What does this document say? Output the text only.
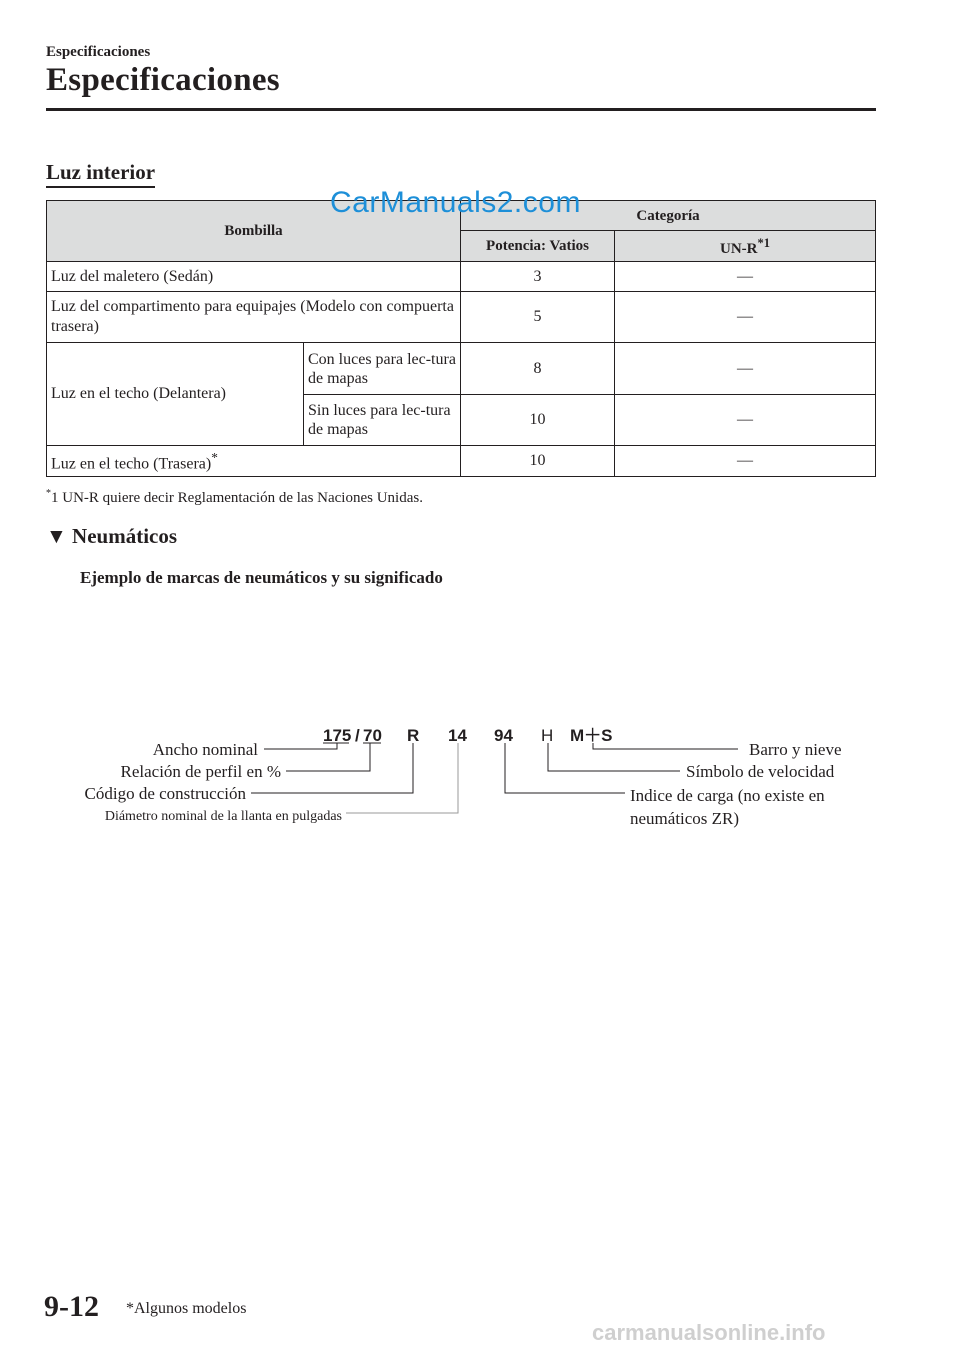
Especificaciones
Especificaciones
Luz interior
Bombilla		Categoría	
		Potencia: Vatios	$UN-R^{*1}$
Luz del maletero (Sedán)		3	―
Luz del compartimento para equipajes (Modelo con compuerta trasera)		5	―
Luz en el techo (Delantera)	Con luces para lec-tura de mapas	8	―
	Sin luces para lec-tura de mapas	10	―
Luz en el techo (Trasera)*		10	―
CarManuals2.com
*1 UN-R quiere decir Reglamentación de las Naciones Unidas.
▼ Neumáticos
Ejemplo de marcas de neumáticos y su significado
175 / 70 R 14 94 H M＋S
Ancho nominal
Relación de perfil en %
Código de construcción
Diámetro nominal de la llanta en pulgadas
Barro y nieve
Símbolo de velocidad
Indice de carga (no existe en
neumáticos ZR)
9-12 *Algunos modelos
carmanualsonline.info
